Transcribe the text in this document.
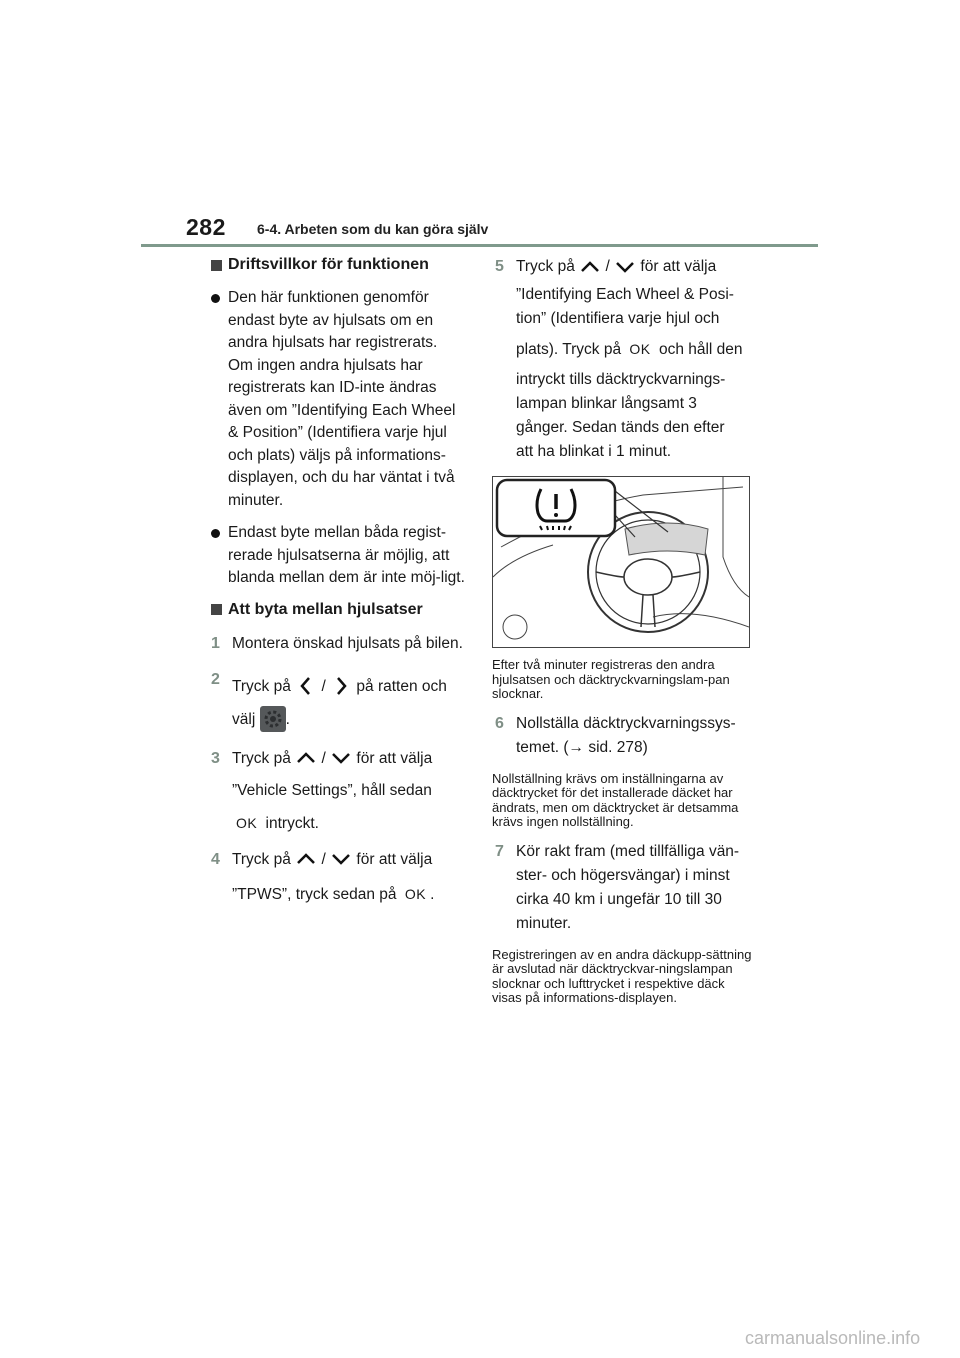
282 6-4. Arbeten som du kan göra själv
Driftsvillkor för funktionen
Den här funktionen genomför endast byte av hjulsats om en andra hjulsats har registrerats. Om ingen andra hjulsats har registrerats kan ID-inte ändras även om ”Identifying Each Wheel & Position” (Identifiera varje hjul och plats) väljs på informations-displayen, och du har väntat i två minuter.
Endast byte mellan båda regist-rerade hjulsatserna är möjlig, att blanda mellan dem är inte möj-ligt.
Att byta mellan hjulsatser
1 Montera önskad hjulsats på bilen.

2 Tryck på / på ratten och

välj .

3 Tryck på / för att välja

”Vehicle Settings”, håll sedan

OK intryckt.

4 Tryck på / för att välja

”TPWS”, tryck sedan på OK .

5 Tryck på / för att välja

”Identifying Each Wheel & Posi-

tion” (Identifiera varje hjul och

plats). Tryck på OK och håll den

intryckt tills däcktryckvarnings-

lampan blinkar långsamt 3

gånger. Sedan tänds den efter

att ha blinkat i 1 minut.

Efter två minuter registreras den andra hjulsatsen och däcktryckvarningslam-pan slocknar.

6 Nollställa däcktryckvarningssys-temet. (→ sid. 278)

Nollställning krävs om inställningarna av däcktrycket för det installerade däcket har ändrats, men om däcktrycket är detsamma krävs ingen nollställning.

7 Kör rakt fram (med tillfälliga vän-ster- och högersvängar) i minst cirka 40 km i ungefär 10 till 30 minuter.

Registreringen av en andra däckupp-sättning är avslutad när däcktryckvar-ningslampan slocknar och lufttrycket i respektive däck visas på informations-displayen.

carmanualsonline.info
